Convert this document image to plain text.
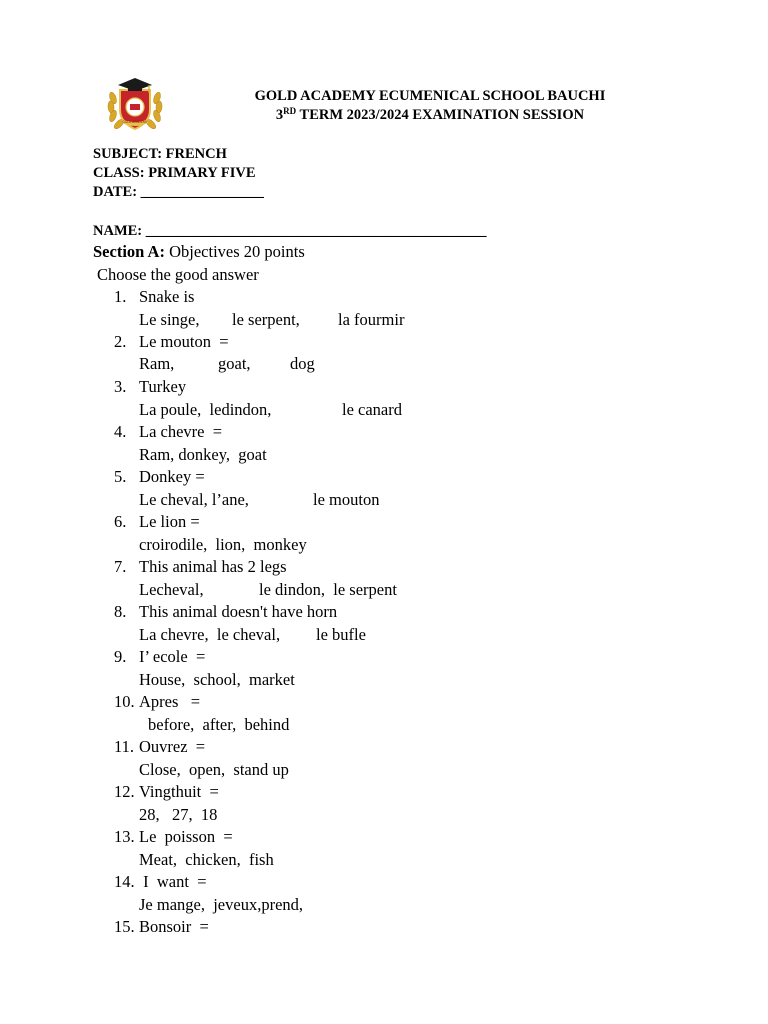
GOLD ACADEMY
GOLD ACADEMY ECUMENICAL SCHOOL BAUCHI
3RD TERM 2023/2024 EXAMINATION SESSION
SUBJECT: FRENCH
CLASS: PRIMARY FIVE
DATE: _________________
NAME: _______________________________________________
Section A: Objectives 20 points
Choose the good answer
1. Snake is
Le singe, le serpent, la fourmir
2. Le mouton  =
Ram,	goat, dog
3. Turkey
La poule,  ledindon,	le canard
4. La chevre  =
Ram, donkey,  goat
5. Donkey =
Le cheval, l’ane,	le mouton
6. Le lion =
croirodile,  lion,  monkey
7. This animal has 2 legs
Lecheval,	le dindon,  le serpent
8. This animal doesn't have horn
La chevre,  le cheval, le bufle
9. I’ ecole  =
House,  school,  market
10. Apres   =
before,  after,  behind
11. Ouvrez  =
Close,  open,  stand up
12. Vingthuit  =
28,   27,  18
13. Le  poisson  =
Meat,  chicken,  fish
14. I  want  =
Je mange,  jeveux,prend,
15. Bonsoir  =
